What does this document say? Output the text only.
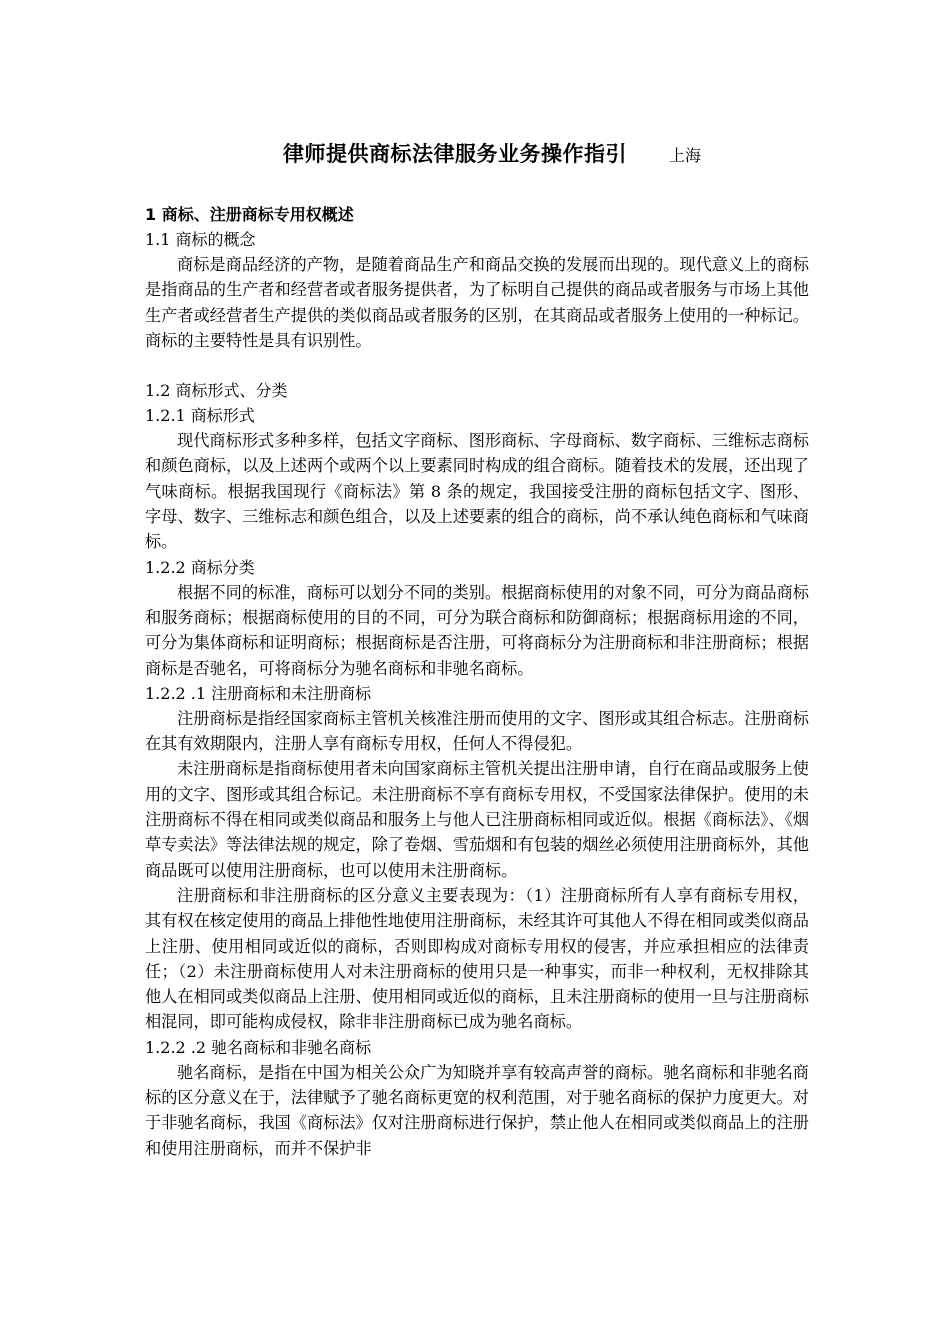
律师提供商标法律服务业务操作指引	上海

1 商标、注册商标专用权概述

1.1 商标的概念

商标是商品经济的产物，是随着商品生产和商品交换的发展而出现的。现代意义上的商标是指商品的生产者和经营者或者服务提供者，为了标明自己提供的商品或者服务与市场上其他生产者或经营者生产提供的类似商品或者服务的区别，在其商品或者服务上使用的一种标记。商标的主要特性是具有识别性。

1.2 商标形式、分类

1.2.1 商标形式

现代商标形式多种多样，包括文字商标、图形商标、字母商标、数字商标、三维标志商标和颜色商标，以及上述两个或两个以上要素同时构成的组合商标。随着技术的发展，还出现了气味商标。根据我国现行《商标法》第 8 条的规定，我国接受注册的商标包括文字、图形、字母、数字、三维标志和颜色组合，以及上述要素的组合的商标，尚不承认纯色商标和气味商标。

1.2.2 商标分类

根据不同的标准，商标可以划分不同的类别。根据商标使用的对象不同，可分为商品商标和服务商标；根据商标使用的目的不同，可分为联合商标和防御商标；根据商标用途的不同，可分为集体商标和证明商标；根据商标是否注册，可将商标分为注册商标和非注册商标；根据商标是否驰名，可将商标分为驰名商标和非驰名商标。

1.2.2 .1 注册商标和未注册商标

注册商标是指经国家商标主管机关核准注册而使用的文字、图形或其组合标志。注册商标在其有效期限内，注册人享有商标专用权，任何人不得侵犯。

未注册商标是指商标使用者未向国家商标主管机关提出注册申请，自行在商品或服务上使用的文字、图形或其组合标记。未注册商标不享有商标专用权，不受国家法律保护。使用的未注册商标不得在相同或类似商品和服务上与他人已注册商标相同或近似。根据《商标法》、《烟草专卖法》等法律法规的规定，除了卷烟、雪茄烟和有包装的烟丝必须使用注册商标外，其他商品既可以使用注册商标，也可以使用未注册商标。

注册商标和非注册商标的区分意义主要表现为：（1）注册商标所有人享有商标专用权，其有权在核定使用的商品上排他性地使用注册商标，未经其许可其他人不得在相同或类似商品上注册、使用相同或近似的商标，否则即构成对商标专用权的侵害，并应承担相应的法律责任；（2）未注册商标使用人对未注册商标的使用只是一种事实，而非一种权利，无权排除其他人在相同或类似商品上注册、使用相同或近似的商标，且未注册商标的使用一旦与注册商标相混同，即可能构成侵权，除非非注册商标已成为驰名商标。

1.2.2 .2 驰名商标和非驰名商标

驰名商标，是指在中国为相关公众广为知晓并享有较高声誉的商标。驰名商标和非驰名商标的区分意义在于，法律赋予了驰名商标更宽的权利范围，对于驰名商标的保护力度更大。对于非驰名商标，我国《商标法》仅对注册商标进行保护，禁止他人在相同或类似商品上的注册和使用注册商标，而并不保护非
